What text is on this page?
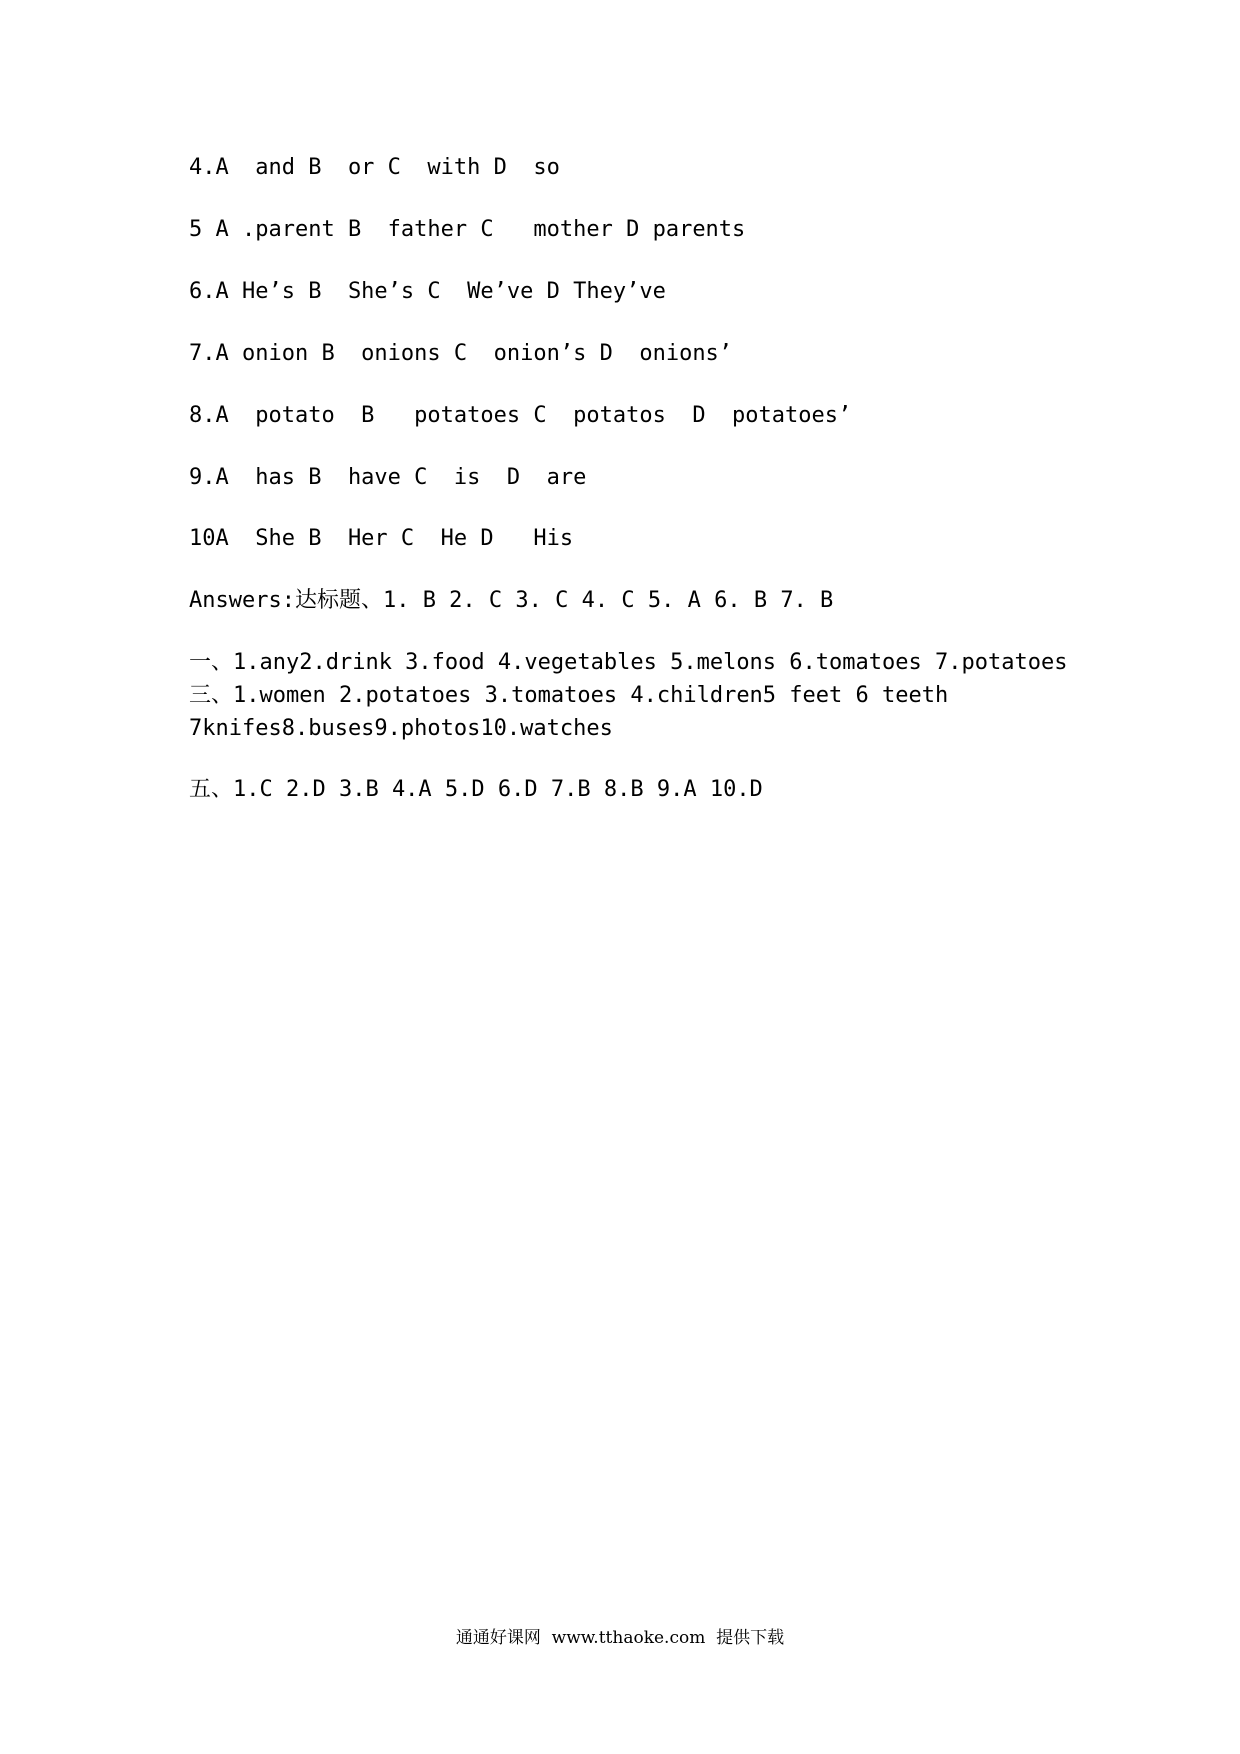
4.A  and B  or C  with D  so
5 A .parent B  father C   mother D parents
6.A He’s B  She’s C  We’ve D They’ve
7.A onion B  onions C  onion’s D  onions’
8.A  potato  B   potatoes C  potatos  D  potatoes’
9.A  has B  have C  is  D  are
10A  She B  Her C  He D   His
Answers:达标题、1. B 2. C 3. C 4. C 5. A 6. B 7. B
一、1.any2.drink 3.food 4.vegetables 5.melons 6.tomatoes 7.potatoes
三、1.women 2.potatoes 3.tomatoes 4.children5 feet 6 teeth
7knifes8.buses9.photos10.watches
五、1.C 2.D 3.B 4.A 5.D 6.D 7.B 8.B 9.A 10.D
通通好课网  www.tthaoke.com  提供下载
